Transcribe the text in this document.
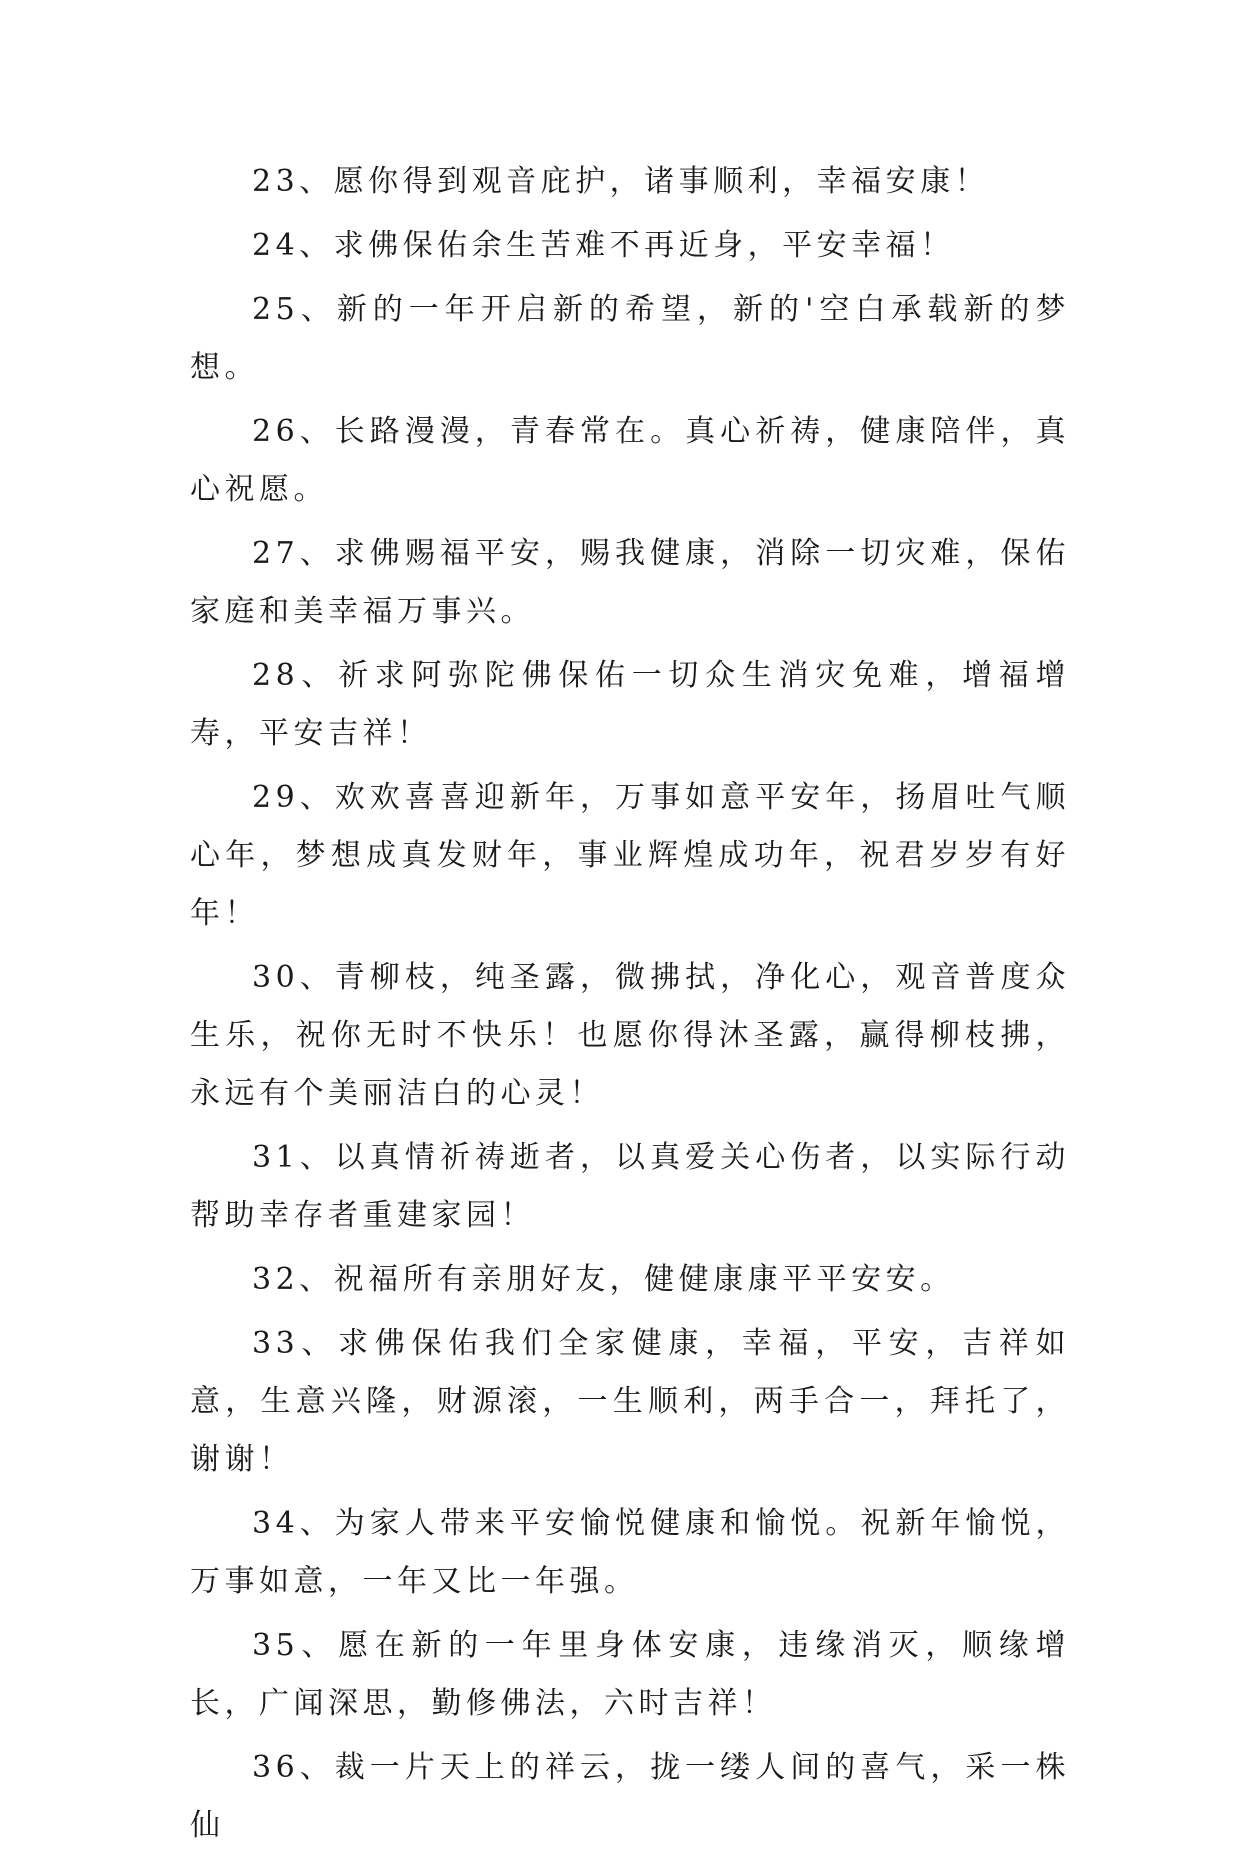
23、愿你得到观音庇护，诸事顺利，幸福安康！

24、求佛保佑余生苦难不再近身，平安幸福！

25、新的一年开启新的希望，新的'空白承载新的梦想。

26、长路漫漫，青春常在。真心祈祷，健康陪伴，真心祝愿。

27、求佛赐福平安，赐我健康，消除一切灾难，保佑家庭和美幸福万事兴。

28、祈求阿弥陀佛保佑一切众生消灾免难，增福增寿，平安吉祥！

29、欢欢喜喜迎新年，万事如意平安年，扬眉吐气顺心年，梦想成真发财年，事业辉煌成功年，祝君岁岁有好年！

30、青柳枝，纯圣露，微拂拭，净化心，观音普度众生乐，祝你无时不快乐！也愿你得沐圣露，赢得柳枝拂，永远有个美丽洁白的心灵！

31、以真情祈祷逝者，以真爱关心伤者，以实际行动帮助幸存者重建家园！

32、祝福所有亲朋好友，健健康康平平安安。

33、求佛保佑我们全家健康，幸福，平安，吉祥如意，生意兴隆，财源滚，一生顺利，两手合一，拜托了，谢谢！

34、为家人带来平安愉悦健康和愉悦。祝新年愉悦，万事如意，一年又比一年强。

35、愿在新的一年里身体安康，违缘消灭，顺缘增长，广闻深思，勤修佛法，六时吉祥！

36、裁一片天上的祥云，拢一缕人间的喜气，采一株仙
